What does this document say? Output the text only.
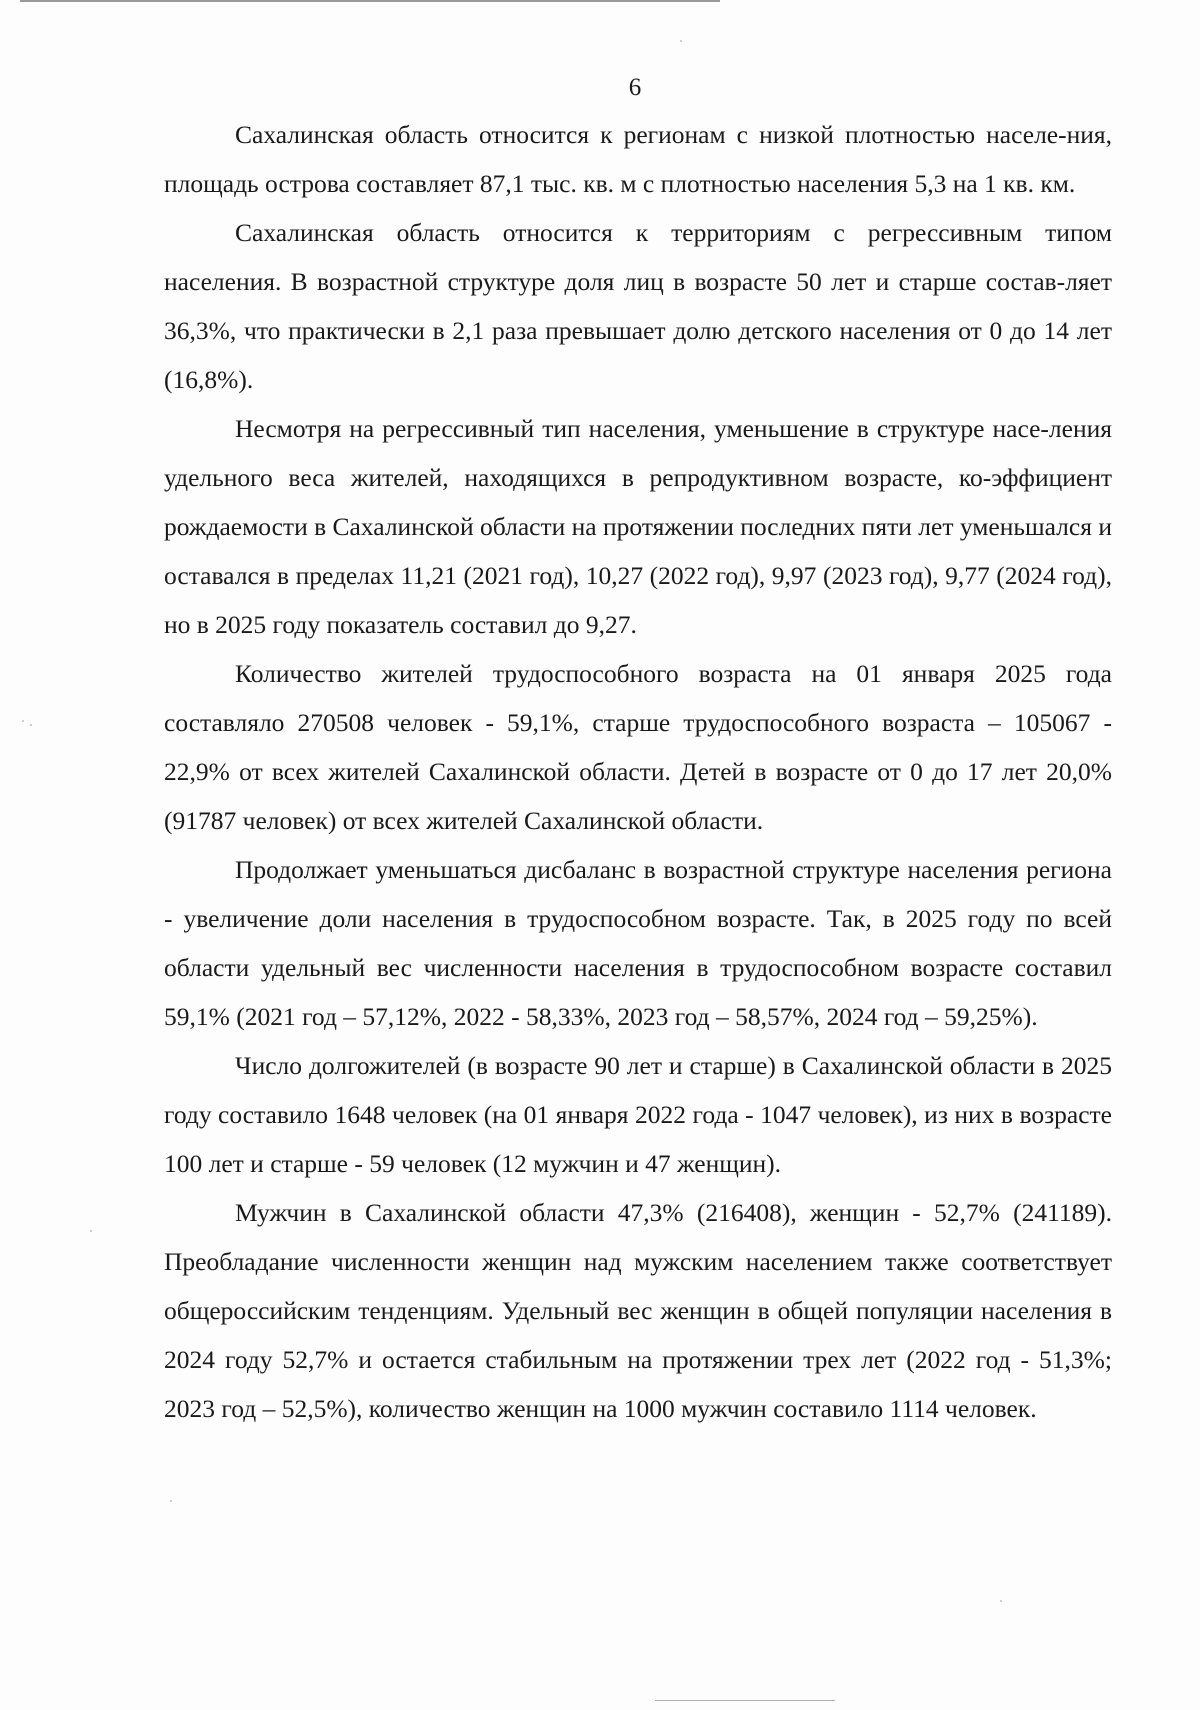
6

Сахалинская область относится к регионам с низкой плотностью населе-ния, площадь острова составляет 87,1 тыс. кв. м с плотностью населения 5,3 на 1 кв. км.

Сахалинская область относится к территориям с регрессивным типом населения. В возрастной структуре доля лиц в возрасте 50 лет и старше состав-ляет 36,3%, что практически в 2,1 раза превышает долю детского населения от 0 до 14 лет (16,8%).

Несмотря на регрессивный тип населения, уменьшение в структуре насе-ления удельного веса жителей, находящихся в репродуктивном возрасте, ко-эффициент рождаемости в Сахалинской области на протяжении последних пяти лет уменьшался и оставался в пределах 11,21 (2021 год), 10,27 (2022 год), 9,97 (2023 год), 9,77 (2024 год), но в 2025 году показатель составил до 9,27.

Количество жителей трудоспособного возраста на 01 января 2025 года составляло 270508 человек - 59,1%, старше трудоспособного возраста – 105067 - 22,9% от всех жителей Сахалинской области. Детей в возрасте от 0 до 17 лет 20,0% (91787 человек) от всех жителей Сахалинской области.

Продолжает уменьшаться дисбаланс в возрастной структуре населения региона - увеличение доли населения в трудоспособном возрасте. Так, в 2025 году по всей области удельный вес численности населения в трудоспособном возрасте составил 59,1% (2021 год – 57,12%, 2022 - 58,33%, 2023 год – 58,57%, 2024 год – 59,25%).

Число долгожителей (в возрасте 90 лет и старше) в Сахалинской области в 2025 году составило 1648 человек (на 01 января 2022 года - 1047 человек), из них в возрасте 100 лет и старше - 59 человек (12 мужчин и 47 женщин).

Мужчин в Сахалинской области 47,3% (216408), женщин - 52,7% (241189). Преобладание численности женщин над мужским населением также соответствует общероссийским тенденциям. Удельный вес женщин в общей популяции населения в 2024 году 52,7% и остается стабильным на протяжении трех лет (2022 год - 51,3%; 2023 год – 52,5%), количество женщин на 1000 мужчин составило 1114 человек.
